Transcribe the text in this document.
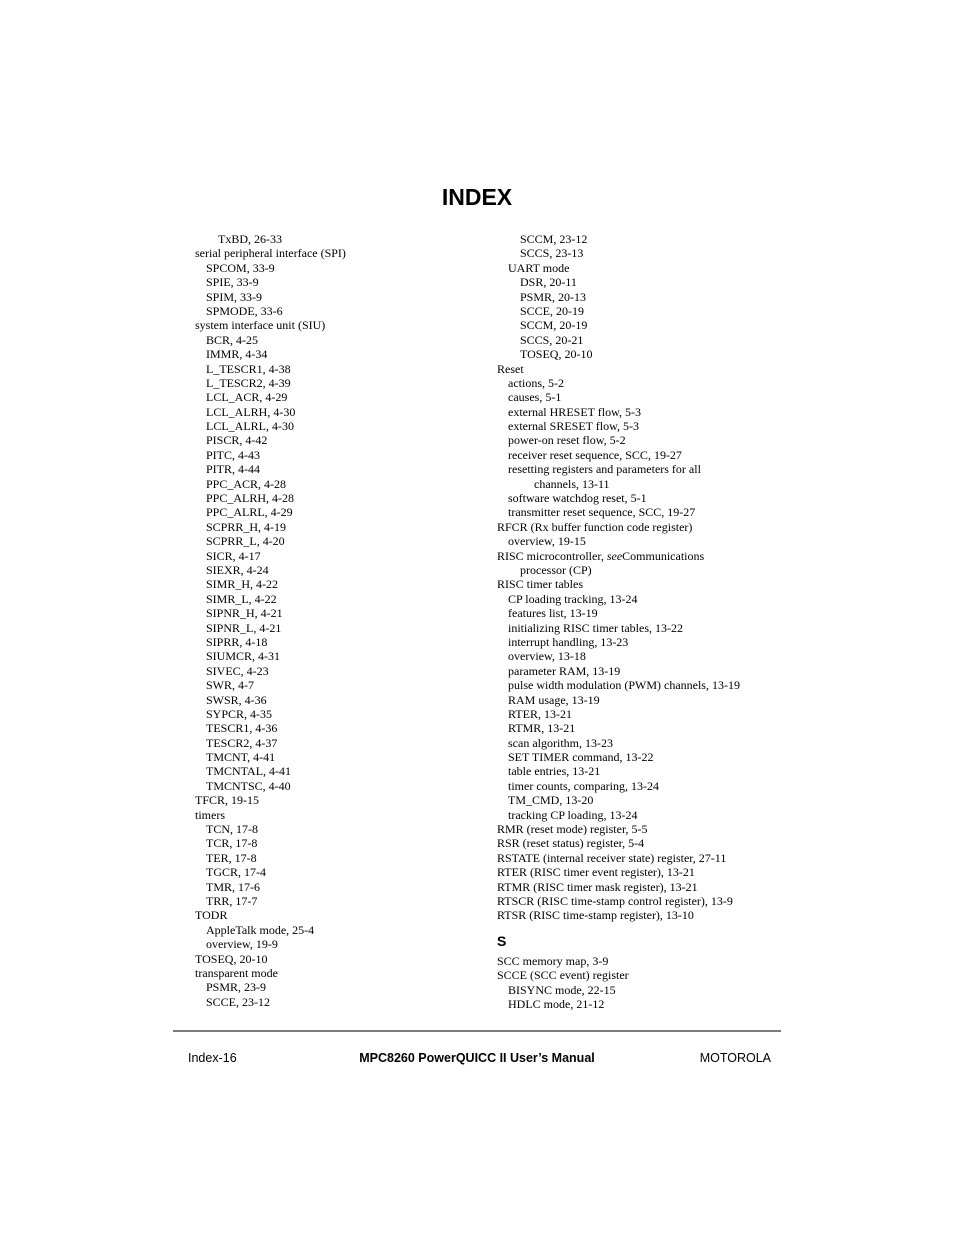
INDEX
TxBD, 26-33
serial peripheral interface (SPI)
SPCOM, 33-9
SPIE, 33-9
SPIM, 33-9
SPMODE, 33-6
system interface unit (SIU)
BCR, 4-25
IMMR, 4-34
L_TESCR1, 4-38
L_TESCR2, 4-39
LCL_ACR, 4-29
LCL_ALRH, 4-30
LCL_ALRL, 4-30
PISCR, 4-42
PITC, 4-43
PITR, 4-44
PPC_ACR, 4-28
PPC_ALRH, 4-28
PPC_ALRL, 4-29
SCPRR_H, 4-19
SCPRR_L, 4-20
SICR, 4-17
SIEXR, 4-24
SIMR_H, 4-22
SIMR_L, 4-22
SIPNR_H, 4-21
SIPNR_L, 4-21
SIPRR, 4-18
SIUMCR, 4-31
SIVEC, 4-23
SWR, 4-7
SWSR, 4-36
SYPCR, 4-35
TESCR1, 4-36
TESCR2, 4-37
TMCNT, 4-41
TMCNTAL, 4-41
TMCNTSC, 4-40
TFCR, 19-15
timers
TCN, 17-8
TCR, 17-8
TER, 17-8
TGCR, 17-4
TMR, 17-6
TRR, 17-7
TODR
AppleTalk mode, 25-4
overview, 19-9
TOSEQ, 20-10
transparent mode
PSMR, 23-9
SCCE, 23-12
SCCM, 23-12
SCCS, 23-13
UART mode
DSR, 20-11
PSMR, 20-13
SCCE, 20-19
SCCM, 20-19
SCCS, 20-21
TOSEQ, 20-10
Reset
actions, 5-2
causes, 5-1
external HRESET flow, 5-3
external SRESET flow, 5-3
power-on reset flow, 5-2
receiver reset sequence, SCC, 19-27
resetting registers and parameters for all
channels, 13-11
software watchdog reset, 5-1
transmitter reset sequence, SCC, 19-27
RFCR (Rx buffer function code register)
overview, 19-15
RISC microcontroller, seeCommunications
processor (CP)
RISC timer tables
CP loading tracking, 13-24
features list, 13-19
initializing RISC timer tables, 13-22
interrupt handling, 13-23
overview, 13-18
parameter RAM, 13-19
pulse width modulation (PWM) channels, 13-19
RAM usage, 13-19
RTER, 13-21
RTMR, 13-21
scan algorithm, 13-23
SET TIMER command, 13-22
table entries, 13-21
timer counts, comparing, 13-24
TM_CMD, 13-20
tracking CP loading, 13-24
RMR (reset mode) register, 5-5
RSR (reset status) register, 5-4
RSTATE (internal receiver state) register, 27-11
RTER (RISC timer event register), 13-21
RTMR (RISC timer mask register), 13-21
RTSCR (RISC time-stamp control register), 13-9
RTSR (RISC time-stamp register), 13-10
S
SCC memory map, 3-9
SCCE (SCC event) register
BISYNC mode, 22-15
HDLC mode, 21-12
Index-16	MPC8260 PowerQUICC II User’s Manual	MOTOROLA
